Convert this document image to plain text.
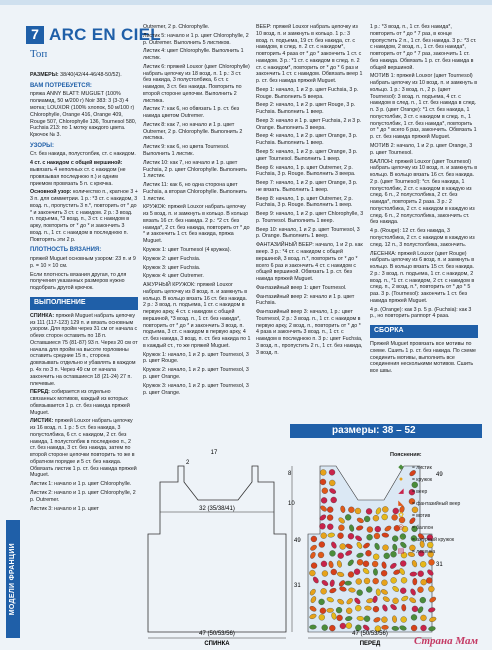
МОДЕЛИ ФРАНЦИИ
7 ARC EN CIEL
Топ

РАЗМЕРЫ: 38/40(42/44-46/48-50/52).

ВАМ ПОТРЕБУЕТСЯ:

пряжа ANNY BLATT: MUGUET (100% полиамид, 50 м/200 г) Noir 383: 3 (3-3) 4 мотка; LOUXOR (100% хлопок, 50 м/100 г) Chlorophylle, Orange 416, Orange 409, Rouge 507, Chlorophylle 136, Tournesol 580, Fuchsia 213: по 1 мотку каждого цвета. Крючок № 3.

УЗОРЫ:

Ст. без накида, полустолбик, ст. с накидом.

4 ст. с накидом с общей вершиной: вывязать 4 неполных ст. с накидом (не провязывая последнюю п.) и одним приемом провязать 5 п. с крючка.

Основной узор: количество п., кратное 3 + 3 п. для симметрии. 1 р.: *3 ст. с накидом, 3 возд. п., пропустить 3 п.*, повторить от * до * и закончить 3 ст. с накидом. 2 р.: 3 возд. п. подъема, *3 возд. п., 3 ст. с накидом в арку, повторить от * до * и закончить 3 возд. п., 1 ст. с накидом в последнюю п. Повторять эти 2 р.

ПЛОТНОСТЬ ВЯЗАНИЯ:

пряжей Muguet основным узором: 23 п. и 9 р. = 10 × 10 см.

Если плотность вязания другая, то для получения указанных размеров нужно подобрать другой крючок.

ВЫПОЛНЕНИЕ

СПИНКА: пряжей Muguet набрать цепочку из 111 (117-123) 129 п. и вязать основным узором. Для пройм через 31 см от начала с обеих сторон оставить по 18 п. Оставшиеся 75 (81-87) 93 п. Через 20 см от начала для пройм на высоте горловины оставить средние 15 п., сторона довязывать отдельно и убавлять в каждом р. 4х по 3 п. Через 49 см от начала закончить на оставшиеся 18 (21-24) 27 п. плечевые.

ПЕРЕД: собирается из отдельно связанных мотивов, каждый из которых обвязывается 1 р. ст. без накида пряжей Muguet.

ЛИСТИК: пряжей Louxor набрать цепочку из 16 возд. п. 1 р.: 5 ст. без накида, 3 полустолбика, 6 ст. с накидом, 2 ст. без накида, 1 полустолбик в последнюю п., 2 ст. без накида, 3 ст. без накида, затем по второй стороне цепочки повторить то же в обратном порядке и 5 ст. без накида. Обвязать листик 1 р. ст. без накида пряжей Muguet.

Листик 1: начало и 1 р. цвет Chlorophylle.

Листик 2: начало и 1 р. цвет Chlorophylle, 2 р. Outremer.

Листик 3: начало и 1 р. цвет

Outremer, 2 р. Chlorophylle.

Листик 5: начало и 1 р. цвет Chlorophylle, 2 р. Outremer. Выполнить 5 листиков.

Листик 4: цвет Chlorophylle. Выполнить 1 листик.

Листик 6: пряжей Louxor (цвет Chlorophylle) набрать цепочку из 18 возд. п. 1 р.: 3 ст. без накида, 3 полустолбика, 6 ст. с накидом, 3 ст. без накида. Повторить по второй стороне цепочки. Выполнить 2 листика.

Листик 7: как 6, но обвязать 1 р. ст. без накида цветом Outremer.

Листик 8: как 7, но начало и 1 р. цвет Outremer, 2 р. Chlorophylle. Выполнить 2 листика.

Листик 9: как 6, но цвета Tournesol. Выполнить 1 листик.

Листик 10: как 7, но начало и 1 р. цвет Fuchsia, 2 р. цвет Chlorophylle. Выполнить 1 листик.

Листик 11: как 6, но одна сторона цвет Fuchsia, а вторая Chlorophylle. Выполнить 1 листик.

КРУЖОК: пряжей Louxor набрать цепочку из 5 возд. п. и замкнуть в кольцо. В кольцо вязать 16 ст. без накида. 2 р.: *2 ст. без накида*, 2 ст. без накида, повторить от * до * и закончить 1 ст. без накида, пряжа Muguet.

Кружок 1: цвет Tournesol (4 кружка).

Кружок 2: цвет Fuchsia.

Кружок 3: цвет Fuchsia.

Кружок 4: цвет Outremer.

АЖУРНЫЙ КРУЖОК: пряжей Louxor набрать цепочку из 8 возд. п. и замкнуть в кольцо. В кольцо вязать 16 ст. без накида. 2 р.: 3 возд. п. подъема, 1 ст. с накидом в первую арку, 4 ст. с накидом с общей вершиной, *3 возд. п., 1 ст. без накида*, повторить от * до * и закончить 3 возд. п. подъема, 3 ст. с накидом в первую арку, 4 ст. без накида, 3 возд. п. ст. без накида по 1 в каждый ст., то же пряжей Muguet.

Кружок 1: начало, 1 и 2 р. цвет Tournesol, 3 р. цвет Rouge.

Кружок 2: начало, 1 и 2 р. цвет Tournesol, 3 р. цвет Orange.

Кружок 3: начало, 1 и 2 р. цвет Tournesol, 3 р. цвет Orange.

ВЕЕР: пряжей Louxor набрать цепочку из 10 возд. п. и замкнуть в кольцо. 1 р.: 3 возд. п. подъема, 19 ст. без накида, ст. с накидом, в след. п. 2 ст. с накидом*, повторить 4 раза от * до * закончить 1 ст. с накидом. 3 р.: *1 ст. с накидом в след. п. 2 ст. с накидом*, повторить от * до * 6 раз и закончить 1 ст. с накидом. Обвязать веер 1 р. ст. без накида пряжей Muguet.

Веер 1: начало, 1 и 2 р. цвет Fuchsia, 3 р. Rouge. Выполнить 5 веера.

Веер 2: начало, 1 и 2 р. цвет Rouge, 3 р. Fuchsia. Выполнить 1 веер.

Веер 3: начало и 1 р. цвет Fuchsia, 2 и 3 р. Orange. Выполнить 3 веера.

Веер 4: начало, 1 и 2 р. цвет Orange, 3 р. Fuchsia. Выполнить 1 веер.

Веер 5: начало, 1 и 2 р. цвет Orange, 3 р. цвет Tournesol. Выполнить 1 веер.

Веер 6: начало, 1 р. цвет Outremer, 2 р. Fuchsia, 3 р. Rouge. Выполнить 3 веера.

Веер 7: начало, 1 и 2 р. цвет Orange, 3 р. не вязать. Выполнить 1 веер.

Веер 8: начало, 1 р. цвет Outremer, 2 р. Fuchsia, 3 р. Rouge. Выполнить 1 веер.

Веер 9: начало, 1 и 2 р. цвет Chlorophylle, 3 р. Tournesol. Выполнить 1 веер.

Веер 10: начало, 1 и 2 р. цвет Tournesol, 3 р. Orange. Выполнить 1 веер.

ФАНТАЗИЙНЫЙ ВЕЕР: начало, 1 и 2 р. как веер. 3 р.: *4 ст. с накидом с общей вершиной, 3 возд. п.*, повторить от * до * всего 6 раз и закончить 4 ст. с накидом с общей вершиной. Обвязать 1 р. ст. без накида пряжей Muguet.

Фантазийный веер 1: цвет Tournesol.

Фантазийный веер 2: начало и 1 р. цвет Fuchsia.

Фантазийный веер 3: начало, 1 р.: цвет Tournesol, 2 р.: 3 возд. п., 1 ст. с накидом в первую арку, 2 возд. п., повторить от * до * 4 раза и закончить 3 возд. п., 1 ст. с накидом в последнюю п. 3 р.: цвет Fuchsia, 3 возд. п., пропустить 2 п., 1 ст. без накида, 3 возд. п.

1 р.: *3 возд. п., 1 ст. без накида*, повторить от * до * 7 раз, в конце пропустить 2 п., 1 ст. без накида. 3 р.: *3 ст. с накидом, 2 возд. п., 1 ст. без накида*, повторить от * до * 7 раз, закончить 1 ст. без накида. Обвязать 1 р. ст. без накида в общей вершиной.

МОТИВ 1: пряжей Louxor (цвет Tournesol) набрать цепочку из 10 возд. п. и замкнуть в кольцо. 1 р.: 3 возд. п., 2 р. (цвет Tournesol): 3 возд. п. подъема, 4 ст. с накидом в след. п., 1 ст. без накида в след. п. 3 р. (цвет Orange): *1 ст. без накида, 1 полустолбик, 3 ст. с накидом в след. п., 1 полустолбик, 1 ст. без накида*, повторить от * до * всего 6 раз, закончить. Обвязать 1 р. ст. без накида пряжей Muguet.

МОТИВ 2: начало, 1 и 2 р. цвет Orange, 3 р. цвет Tournesol.

БАЛЛОН: пряжей Louxor (цвет Tournesol) набрать цепочку из 10 возд. п. и замкнуть в кольцо. В кольцо вязать 16 ст. без накида. 2 р. (цвет Tournesol): *ст. без накида, 1 полустолбик, 2 ст. с накидом в каждую из след. 6 п., 2 полустолбика, 2 ст. без накида*, повторить 2 раза. 3 р.: 2 полустолбика, 2 ст. с накидом в каждую из след. 6 п., 2 полустолбика, закончить ст. без накида.

4 р. (Rouge): 12 ст. без накида, 3 полустолбика, 2 ст. с накидом в каждую из след. 12 п., 3 полустолбика, закончить.

ЛЕСЕНКА: пряжей Louxor (цвет Rouge) набрать цепочку из 6 возд. п. и замкнуть в кольцо. В кольцо вязать 15 ст. без накида. 2 р.: 3 возд. п. подъема, 1 ст. с накидом, 2 возд. п., *1 ст. с накидом, 2 ст. с накидом в след. п., 2 возд. п.*, повторить от * до * 5 раз. 3 р. (Tournesol): закончить 1 ст. без накида пряжей Muguet.

4 р. (Orange): как 3 р. 5 р. (Fuchsia): как 3 р., но повторить раппорт 4 раза.

СБОРКА

Пряжей Muguet провязать все мотивы по схеме. Сшить 1 р. ст. без накида. По схеме соединить мотивы, выполнить все соединения несколькими мотивов. Сшить все швы.

размеры: 38 – 52
47 (50/53/56)
32 (35/38/41)
17
2
8
10
49
31
СПИНКА
47 (50/53/56)
49
31
ПЕРЕД
Пояснения:
◆	= листик
●	= кружок
◢	= веер
◣	= фантазийный веер
✿	= мотив
◎	= баллон
◌	= ажурный кружок
▤	= лесенка
Страна Мам
